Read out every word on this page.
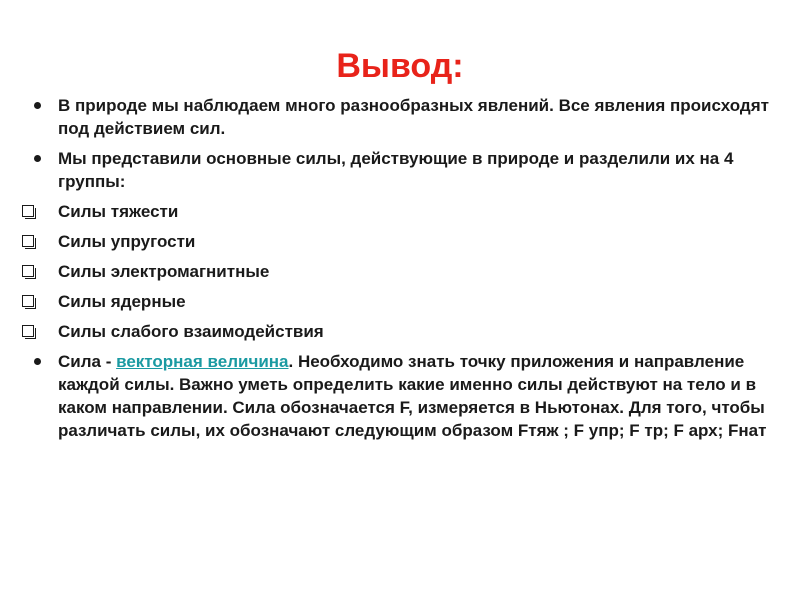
Вывод:
В природе мы наблюдаем много разнообразных явлений. Все явления происходят под действием сил.
Мы представили основные силы, действующие в природе и разделили их на 4 группы:
Силы тяжести
Силы упругости
Силы электромагнитные
Силы ядерные
Силы слабого взаимодействия
Сила - векторная величина. Необходимо знать точку приложения и направление каждой силы. Важно уметь определить какие именно силы действуют на тело и в каком направлении. Сила обозначается F, измеряется в Ньютонах. Для того, чтобы различать силы, их обозначают следующим образом Fтяж ; F упр; F тр; F арх; Fнат
